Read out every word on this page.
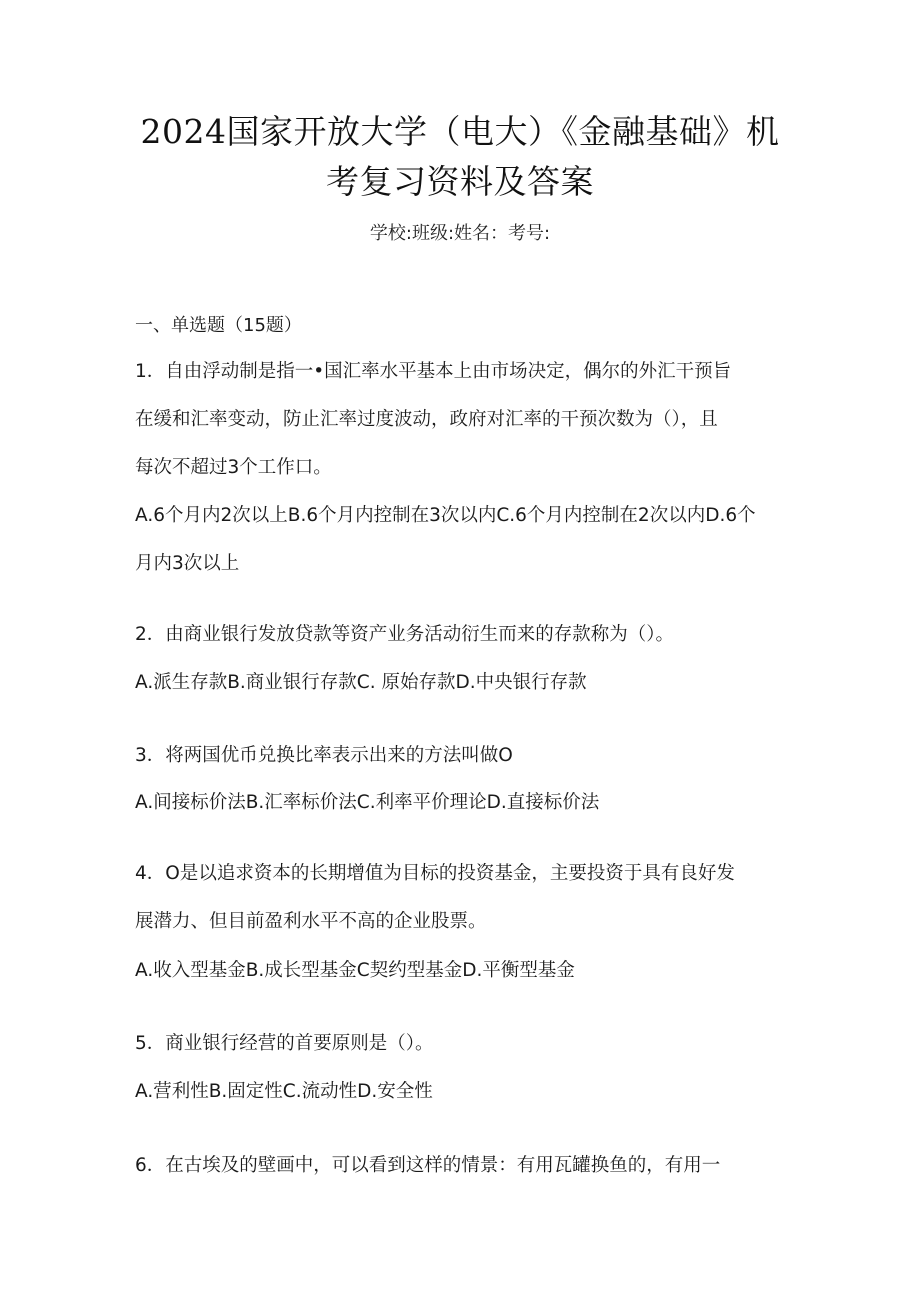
2024国家开放大学（电大）《金融基础》机
考复习资料及答案
学校:班级:姓名：考号:
一、单选题（15题）
1．自由浮动制是指一•国汇率水平基本上由市场决定，偶尔的外汇干预旨
在缓和汇率变动，防止汇率过度波动，政府对汇率的干预次数为（），且
每次不超过3个工作口。
A.6个月内2次以上B.6个月内控制在3次以内C.6个月内控制在2次以内D.6个
月内3次以上
2．由商业银行发放贷款等资产业务活动衍生而来的存款称为（）。
A.派生存款B.商业银行存款C. 原始存款D.中央银行存款
3．将两国优币兑换比率表示出来的方法叫做O
A.间接标价法B.汇率标价法C.利率平价理论D.直接标价法
4．O是以追求资本的长期增值为目标的投资基金，主要投资于具有良好发
展潜力、但目前盈利水平不高的企业股票。
A.收入型基金B.成长型基金C契约型基金D.平衡型基金
5．商业银行经营的首要原则是（）。
A.营利性B.固定性C.流动性D.安全性
6．在古埃及的壁画中，可以看到这样的情景：有用瓦罐换鱼的，有用一
